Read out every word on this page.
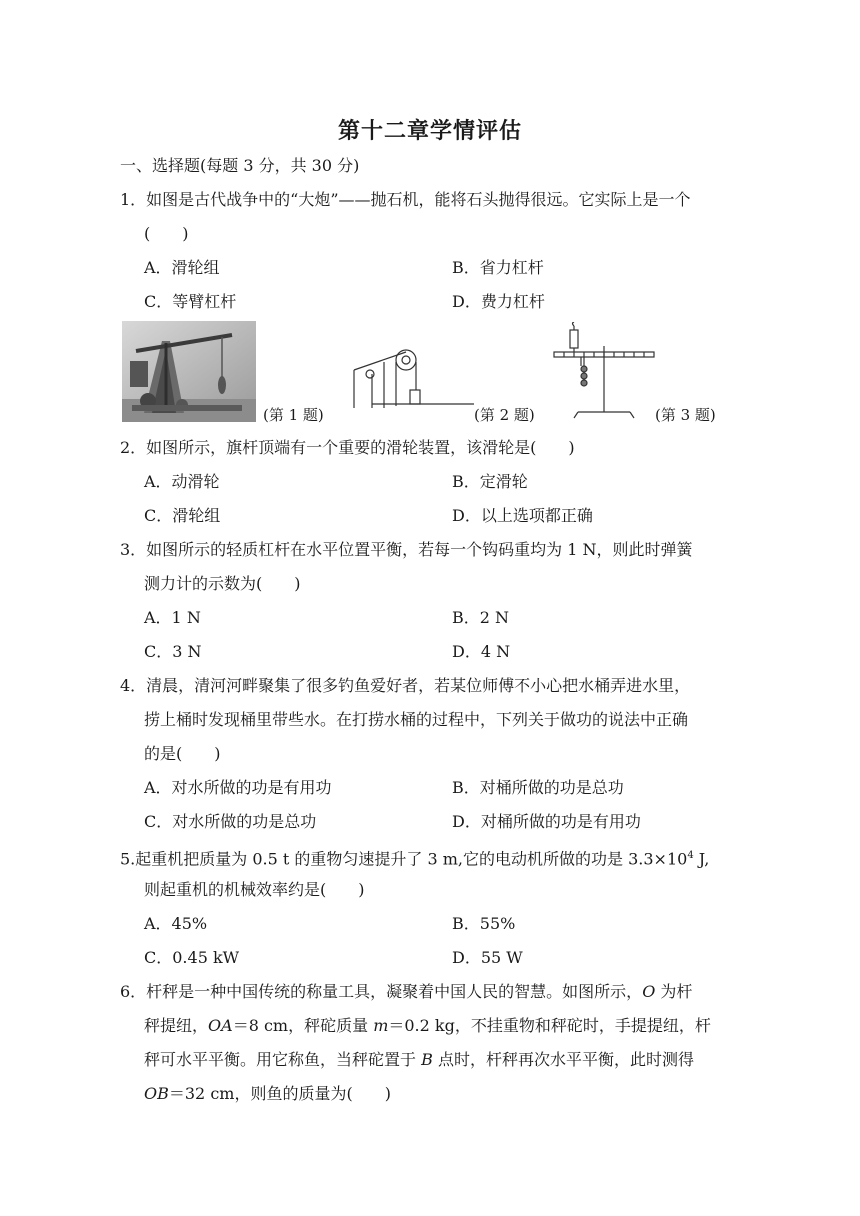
第十二章学情评估
一、选择题(每题 3 分，共 30 分)
1．如图是古代战争中的“大炮”——抛石机，能将石头抛得很远。它实际上是一个
(　　)
A．滑轮组	B．省力杠杆
C．等臂杠杆	D．费力杠杆
(第 1 题)	(第 2 题)	(第 3 题)
2．如图所示，旗杆顶端有一个重要的滑轮装置，该滑轮是(　　)
A．动滑轮	B．定滑轮
C．滑轮组	D．以上选项都正确
3．如图所示的轻质杠杆在水平位置平衡，若每一个钩码重均为 1 N，则此时弹簧
测力计的示数为(　　)
A．1 N	B．2 N
C．3 N	D．4 N
4．清晨，清河河畔聚集了很多钓鱼爱好者，若某位师傅不小心把水桶弄进水里，
捞上桶时发现桶里带些水。在打捞水桶的过程中，下列关于做功的说法中正确
的是(　　)
A．对水所做的功是有用功	B．对桶所做的功是总功
C．对水所做的功是总功	D．对桶所做的功是有用功
5.起重机把质量为 0.5 t 的重物匀速提升了 3 m,它的电动机所做的功是 $3.3\times 10^4$ J,
则起重机的机械效率约是(　　)
A．45%	B．55%
C．0.45 kW	D．55 W
6．杆秤是一种中国传统的称量工具，凝聚着中国人民的智慧。如图所示，O 为杆
秤提纽，OA＝8 cm，秤砣质量 m＝0.2 kg，不挂重物和秤砣时，手提提纽，杆
秤可水平平衡。用它称鱼，当秤砣置于 B 点时，杆秤再次水平平衡，此时测得
OB＝32 cm，则鱼的质量为(　　)
